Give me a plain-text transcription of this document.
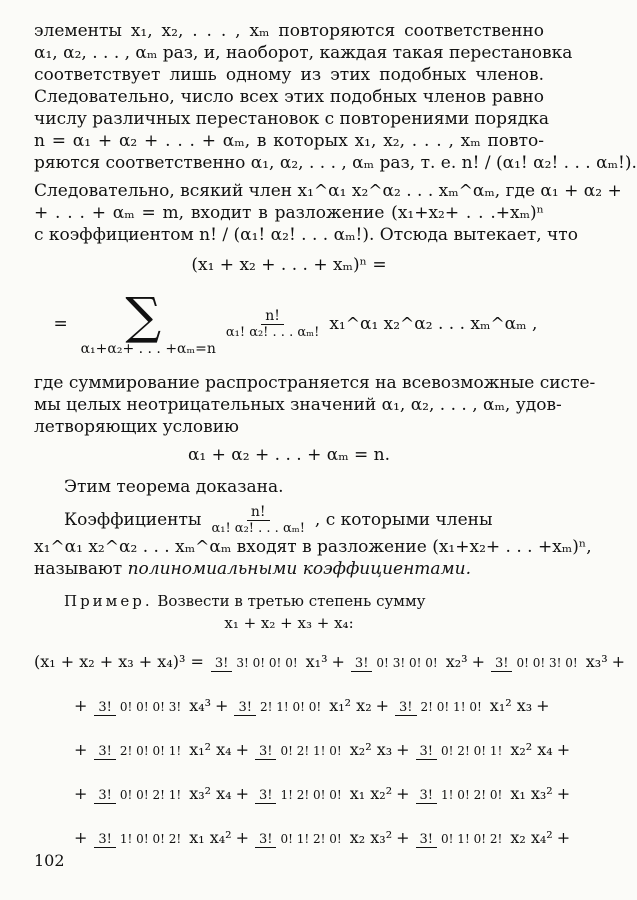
элементы x₁, x₂, . . . , xₘ повторяются соответственно
α₁, α₂, . . . , αₘ раз, и, наоборот, каждая такая перестановка
соответствует лишь одному из этих подобных членов.
Следовательно, число всех этих подобных членов равно
числу различных перестановок с повторениями порядка
n = α₁ + α₂ + . . . + αₘ, в которых x₁, x₂, . . . , xₘ повто-
ряются соответственно α₁, α₂, . . . , αₘ раз, т. е. n! / (α₁! α₂! . . . αₘ!).
Следовательно, всякий член x₁^α₁ x₂^α₂ . . . xₘ^αₘ, где α₁ + α₂ +
+ . . . + αₘ = m, входит в разложение (x₁+x₂+ . . .+xₘ)ⁿ
с коэффициентом n! / (α₁! α₂! . . . αₘ!). Отсюда вытекает, что
(x₁ + x₂ + . . . + xₘ)ⁿ =
= ∑
α₁+α₂+ . . . +αₘ=n
$\frac{n!}{\text{α₁! α₂! . . . αₘ!}}$ x₁^α₁ x₂^α₂ . . . xₘ^αₘ ,
где суммирование распространяется на всевозможные систе-
мы целых неотрицательных значений α₁, α₂, . . . , αₘ, удов-
летворяющих условию
α₁ + α₂ + . . . + αₘ = n.
Этим теорема доказана.
Коэффициенты $\frac{n!}{\text{α₁! α₂! . . . αₘ!}}$ , с которыми члены
x₁^α₁ x₂^α₂ . . . xₘ^αₘ входят в разложение (x₁+x₂+ . . . +xₘ)ⁿ,
называют полиномиальными коэффициентами.
Пример. Возвести в третью степень сумму
x₁ + x₂ + x₃ + x₄:
(x₁ + x₂ + x₃ + x₄)³ = 3! 3! 0! 0! 0! x₁³ + 3! 0! 3! 0! 0! x₂³ + 3! 0! 0! 3! 0! x₃³ +
+ 3! 0! 0! 0! 3! x₄³ + 3! 2! 1! 0! 0! x₁² x₂ + 3! 2! 0! 1! 0! x₁² x₃ +
+ 3! 2! 0! 0! 1! x₁² x₄ + 3! 0! 2! 1! 0! x₂² x₃ + 3! 0! 2! 0! 1! x₂² x₄ +
+ 3! 0! 0! 2! 1! x₃² x₄ + 3! 1! 2! 0! 0! x₁ x₂² + 3! 1! 0! 2! 0! x₁ x₃² +
+ 3! 1! 0! 0! 2! x₁ x₄² + 3! 0! 1! 2! 0! x₂ x₃² + 3! 0! 1! 0! 2! x₂ x₄² +
102
